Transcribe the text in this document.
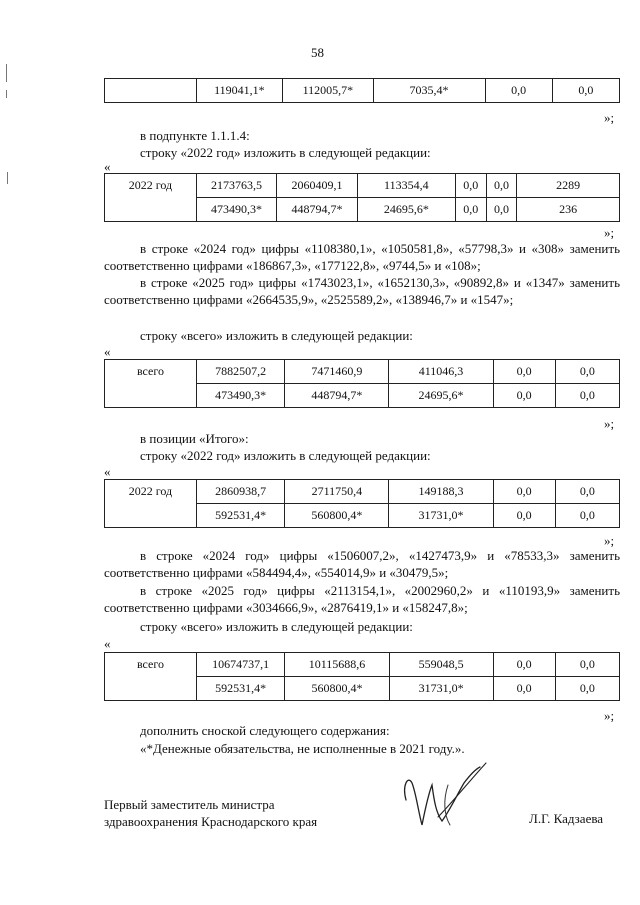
58
	119041,1*	112005,7*	7035,4*	0,0	0,0
»;
в подпункте 1.1.1.4:
строку «2022 год» изложить в следующей редакции:
«
2022 год	2173763,5	2060409,1	113354,4	0,0	0,0	2289
	473490,3*	448794,7*	24695,6*	0,0	0,0	236
»;
в строке «2024 год» цифры «1108380,1», «1050581,8», «57798,3» и «308» заменить соответственно цифрами «186867,3», «177122,8», «9744,5» и «108»;
в строке «2025 год» цифры «1743023,1», «1652130,3», «90892,8» и «1347» заменить соответственно цифрами «2664535,9», «2525589,2», «138946,7» и «1547»;
строку «всего» изложить в следующей редакции:
«
всего	7882507,2	7471460,9	411046,3	0,0	0,0
	473490,3*	448794,7*	24695,6*	0,0	0,0
»;
в позиции «Итого»:
строку «2022 год» изложить в следующей редакции:
«
2022 год	2860938,7	2711750,4	149188,3	0,0	0,0
	592531,4*	560800,4*	31731,0*	0,0	0,0
»;
в строке «2024 год» цифры «1506007,2», «1427473,9» и «78533,3» заменить соответственно цифрами «584494,4», «554014,9» и «30479,5»;
в строке «2025 год» цифры «2113154,1», «2002960,2» и «110193,9» заменить соответственно цифрами «3034666,9», «2876419,1» и «158247,8»;
строку «всего» изложить в следующей редакции:
«
всего	10674737,1	10115688,6	559048,5	0,0	0,0
	592531,4*	560800,4*	31731,0*	0,0	0,0
»;
дополнить сноской следующего содержания:
«*Денежные обязательства, не исполненные в 2021 году.».
Первый заместитель министра
здравоохранения Краснодарского края	Л.Г. Кадзаева
